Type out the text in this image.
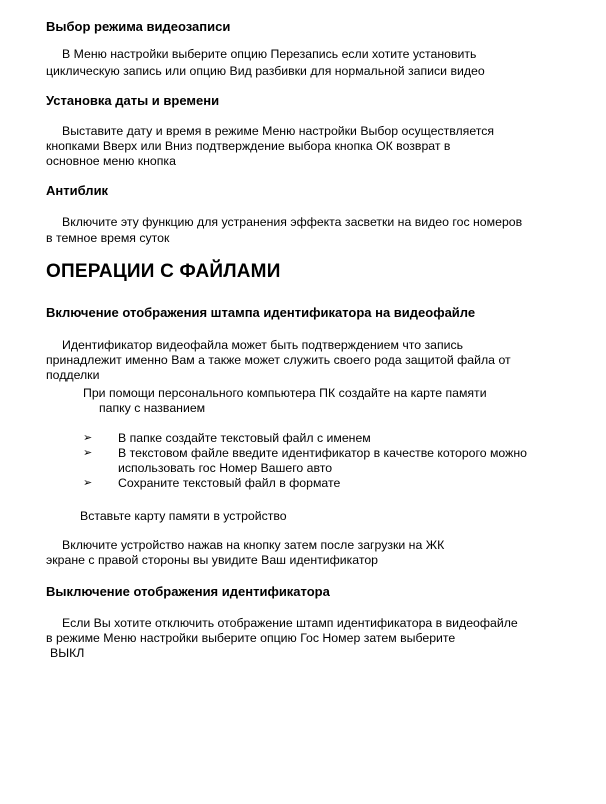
Выбор режима видеозаписи
В Меню настройки выберите опцию Перезапись если хотите установить
циклическую запись или опцию Вид разбивки для нормальной записи видео
Установка даты и времени
Выставите дату и время в режиме Меню настройки Выбор осуществляется
кнопками Вверх или Вниз подтверждение выбора кнопка ОК возврат в
основное меню кнопка
Антиблик
Включите эту функцию для устранения эффекта засветки на видео гос номеров
в темное время суток
ОПЕРАЦИИ С ФАЙЛАМИ
Включение отображения штампа идентификатора на видеофайле
Идентификатор видеофайла может быть подтверждением что запись
принадлежит именно Вам а также может служить своего рода защитой файла от
подделки
При помощи персонального компьютера ПК создайте на карте памяти
папку с названием
➢ В папке создайте текстовый файл с именем
➢ В текстовом файле введите идентификатор в качестве которого можно
использовать гос Номер Вашего авто
➢ Сохраните текстовый файл в формате
Вставьте карту памяти в устройство
Включите устройство нажав на кнопку затем после загрузки на ЖК
экране с правой стороны вы увидите Ваш идентификатор
Выключение отображения идентификатора
Если Вы хотите отключить отображение штамп идентификатора в видеофайле
в режиме Меню настройки выберите опцию Гос Номер затем выберите
ВЫКЛ
